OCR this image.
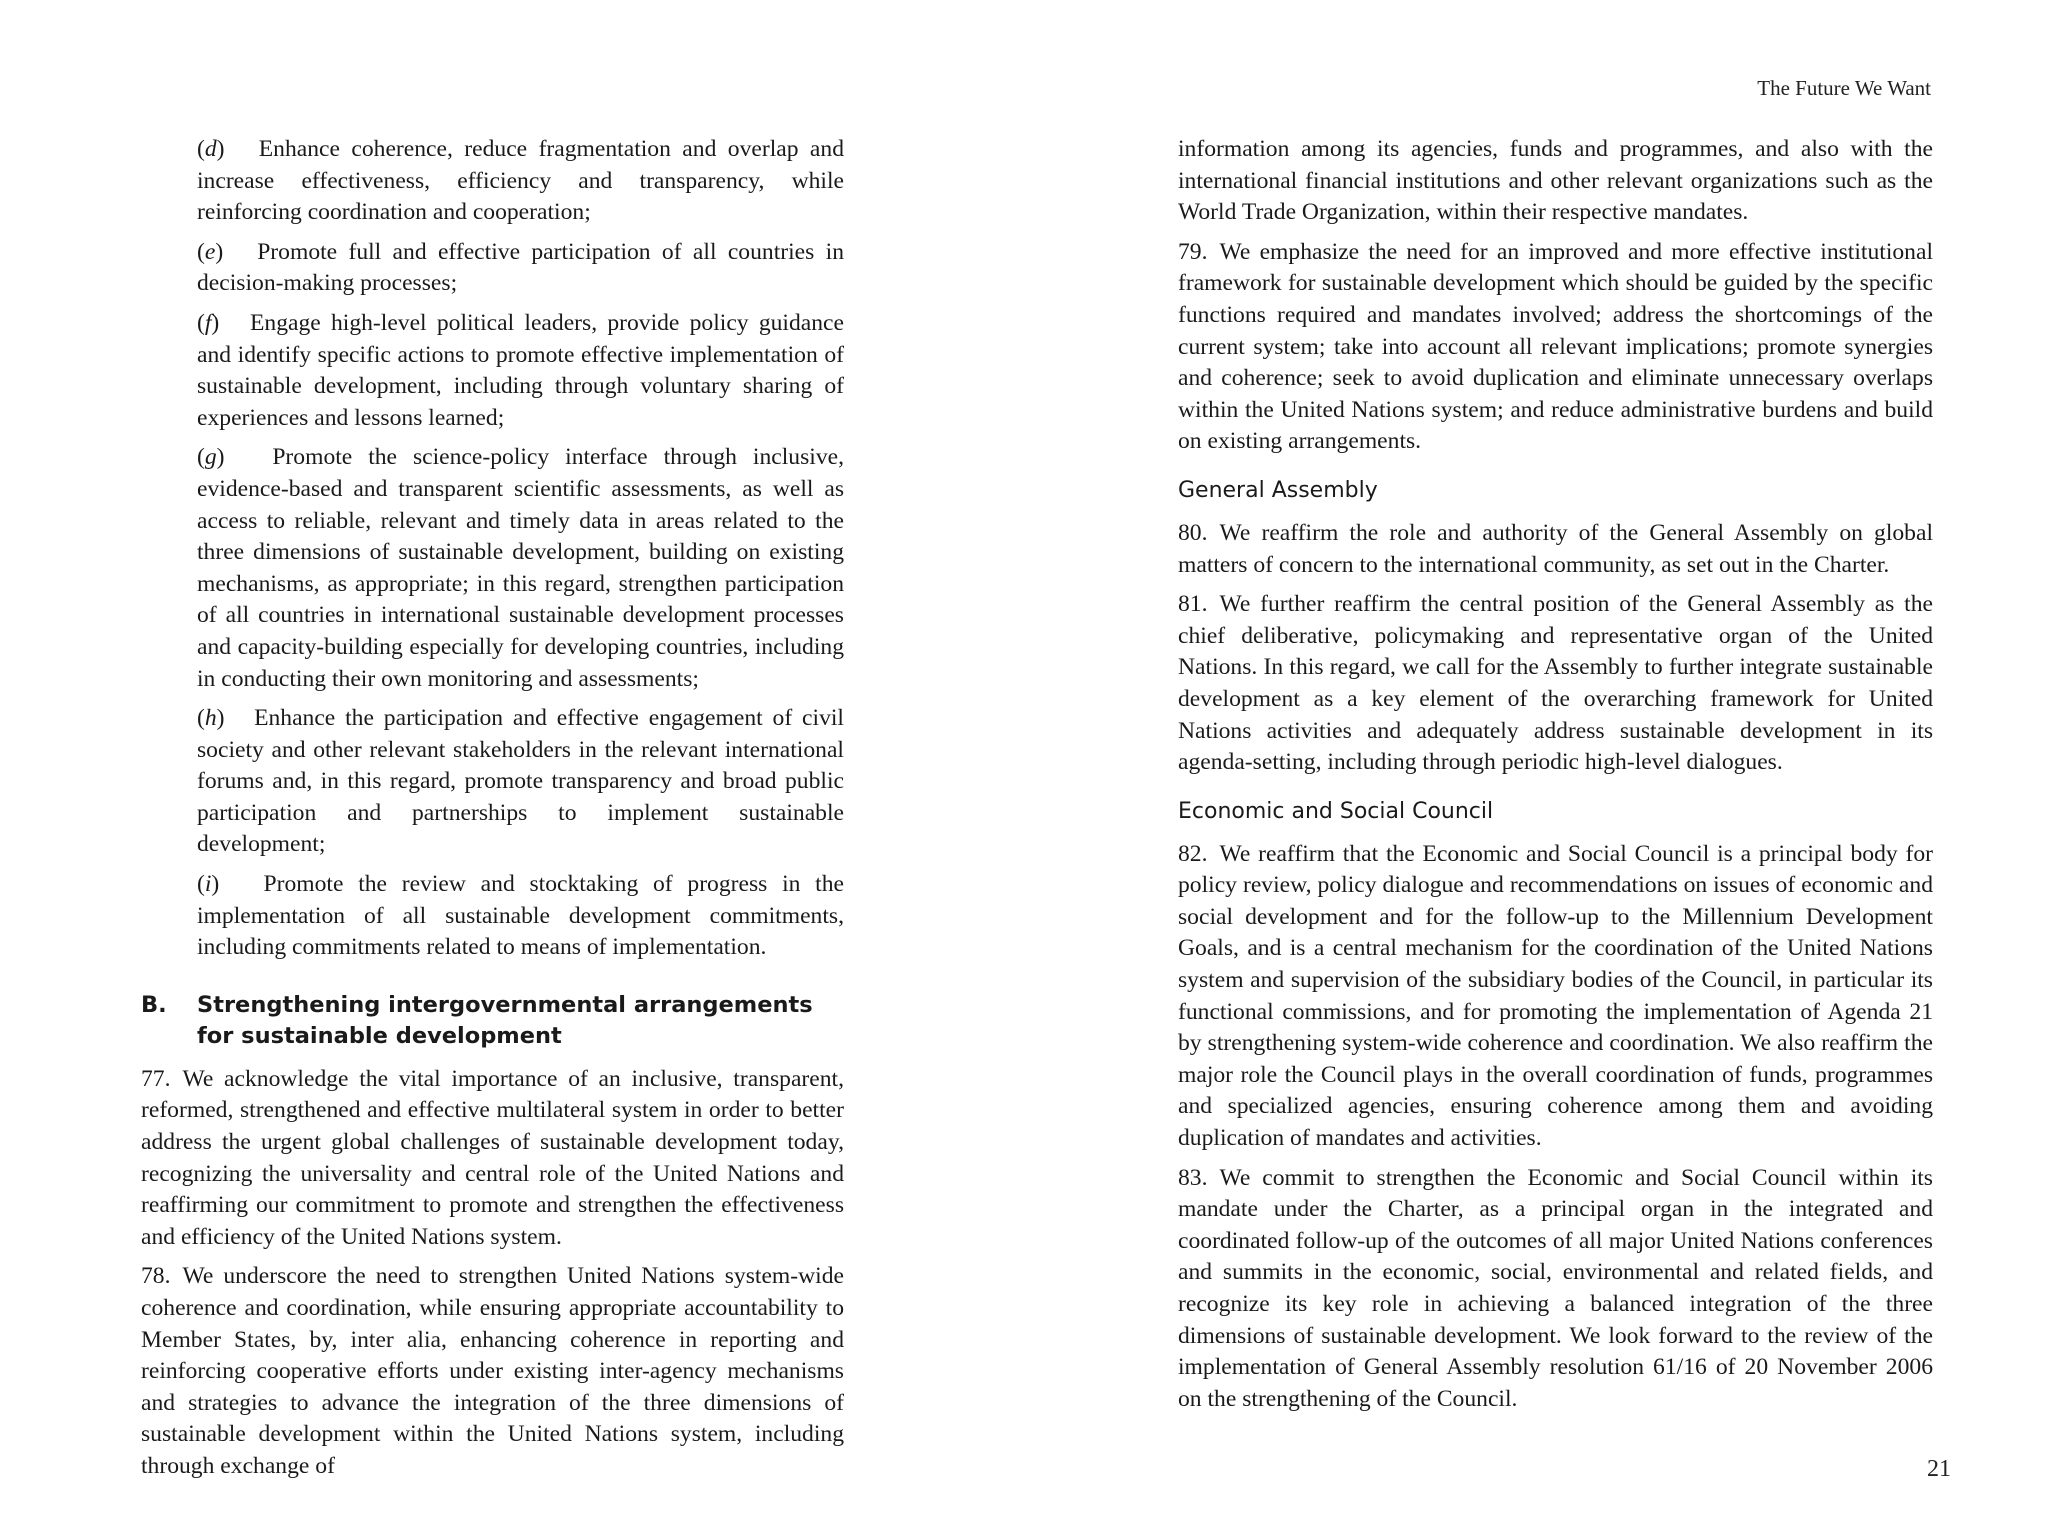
The Future We Want

(d)   Enhance coherence, reduce fragmentation and overlap and increase effectiveness, efficiency and transparency, while reinforcing coordination and cooperation;

(e)   Promote full and effective participation of all countries in decision-making processes;

(f)   Engage high-level political leaders, provide policy guidance and identify specific actions to promote effective implementation of sustainable development, including through voluntary sharing of experiences and lessons learned;

(g)   Promote the science-policy interface through inclusive, evidence-based and transparent scientific assessments, as well as access to reliable, relevant and timely data in areas related to the three dimensions of sustainable development, building on existing mechanisms, as appropriate; in this regard, strengthen participation of all countries in international sustainable development processes and capacity-building especially for developing countries, including in conducting their own monitoring and assessments;

(h)   Enhance the participation and effective engagement of civil society and other relevant stakeholders in the relevant international forums and, in this regard, promote transparency and broad public participation and partnerships to implement sustainable development;

(i)   Promote the review and stocktaking of progress in the implementation of all sustainable development commitments, including commitments related to means of implementation.

B.	Strengthening intergovernmental arrangements for sustainable development

77. We acknowledge the vital importance of an inclusive, transparent, reformed, strengthened and effective multilateral system in order to better address the urgent global challenges of sustainable development today, recognizing the universality and central role of the United Nations and reaffirming our commitment to promote and strengthen the effectiveness and efficiency of the United Nations system.

78. We underscore the need to strengthen United Nations system-wide coherence and coordination, while ensuring appropriate accountability to Member States, by, inter alia, enhancing coherence in reporting and reinforcing cooperative efforts under existing inter-agency mechanisms and strategies to advance the integration of the three dimensions of sustainable development within the United Nations system, including through exchange of

information among its agencies, funds and programmes, and also with the international financial institutions and other relevant organizations such as the World Trade Organization, within their respective mandates.

79. We emphasize the need for an improved and more effective institutional framework for sustainable development which should be guided by the specific functions required and mandates involved; address the shortcomings of the current system; take into account all relevant implications; promote synergies and coherence; seek to avoid duplication and eliminate unnecessary overlaps within the United Nations system; and reduce administrative burdens and build on existing arrangements.

General Assembly

80. We reaffirm the role and authority of the General Assembly on global matters of concern to the international community, as set out in the Charter.

81. We further reaffirm the central position of the General Assembly as the chief deliberative, policymaking and representative organ of the United Nations. In this regard, we call for the Assembly to further integrate sustainable development as a key element of the overarching framework for United Nations activities and adequately address sustainable development in its agenda-setting, including through periodic high-level dialogues.

Economic and Social Council

82. We reaffirm that the Economic and Social Council is a principal body for policy review, policy dialogue and recommendations on issues of economic and social development and for the follow-up to the Millennium Development Goals, and is a central mechanism for the coordination of the United Nations system and supervision of the subsidiary bodies of the Council, in particular its functional commissions, and for promoting the implementation of Agenda 21 by strengthening system-wide coherence and coordination. We also reaffirm the major role the Council plays in the overall coordination of funds, programmes and specialized agencies, ensuring coherence among them and avoiding duplication of mandates and activities.

83. We commit to strengthen the Economic and Social Council within its mandate under the Charter, as a principal organ in the integrated and coordinated follow-up of the outcomes of all major United Nations conferences and summits in the economic, social, environmental and related fields, and recognize its key role in achieving a balanced integration of the three dimensions of sustainable development. We look forward to the review of the implementation of General Assembly resolution 61/16 of 20 November 2006 on the strengthening of the Council.

21
